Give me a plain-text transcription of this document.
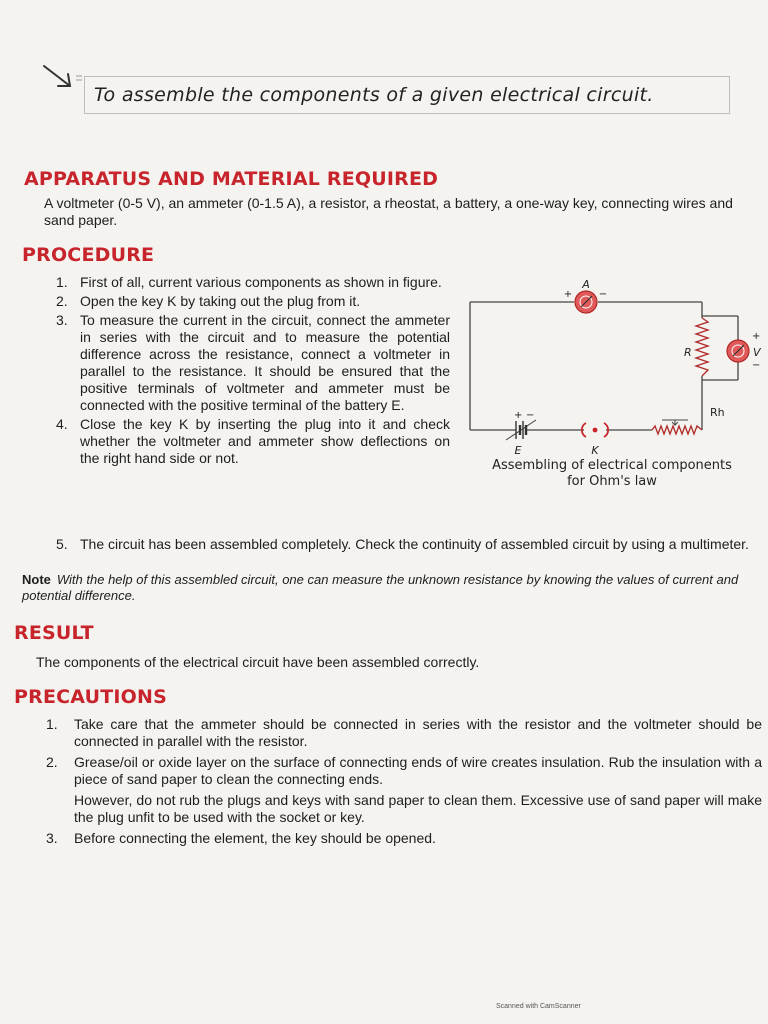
To assemble the components of a given electrical circuit.
APPARATUS AND MATERIAL REQUIRED
A voltmeter (0-5 V), an ammeter (0-1.5 A), a resistor, a rheostat, a battery, a one-way key, connecting wires and sand paper.
PROCEDURE
1. First of all, current various components as shown in figure.
2. Open the key K by taking out the plug from it.
3. To measure the current in the circuit, connect the ammeter in series with the circuit and to measure the potential difference across the resistance, connect a voltmeter in parallel to the resistance. It should be ensured that the positive terminals of voltmeter and ammeter must be connected with the positive terminal of the battery E.
4. Close the key K by inserting the plug into it and check whether the voltmeter and ammeter show deflections on the right hand side or not.
5. The circuit has been assembled completely. Check the continuity of assembled circuit by using a multimeter.
A
+	−
R	V
+
−
Rh
+ −
E	K
Assembling of electrical components
for Ohm's law
Note With the help of this assembled circuit, one can measure the unknown resistance by knowing the values of current and potential difference.
RESULT
The components of the electrical circuit have been assembled correctly.
PRECAUTIONS
1. Take care that the ammeter should be connected in series with the resistor and the voltmeter should be connected in parallel with the resistor.
2. Grease/oil or oxide layer on the surface of connecting ends of wire creates insulation. Rub the insulation with a piece of sand paper to clean the connecting ends.
However, do not rub the plugs and keys with sand paper to clean them. Excessive use of sand paper will make the plug unfit to be used with the socket or key.
3. Before connecting the element, the key should be opened.
Scanned with CamScanner
